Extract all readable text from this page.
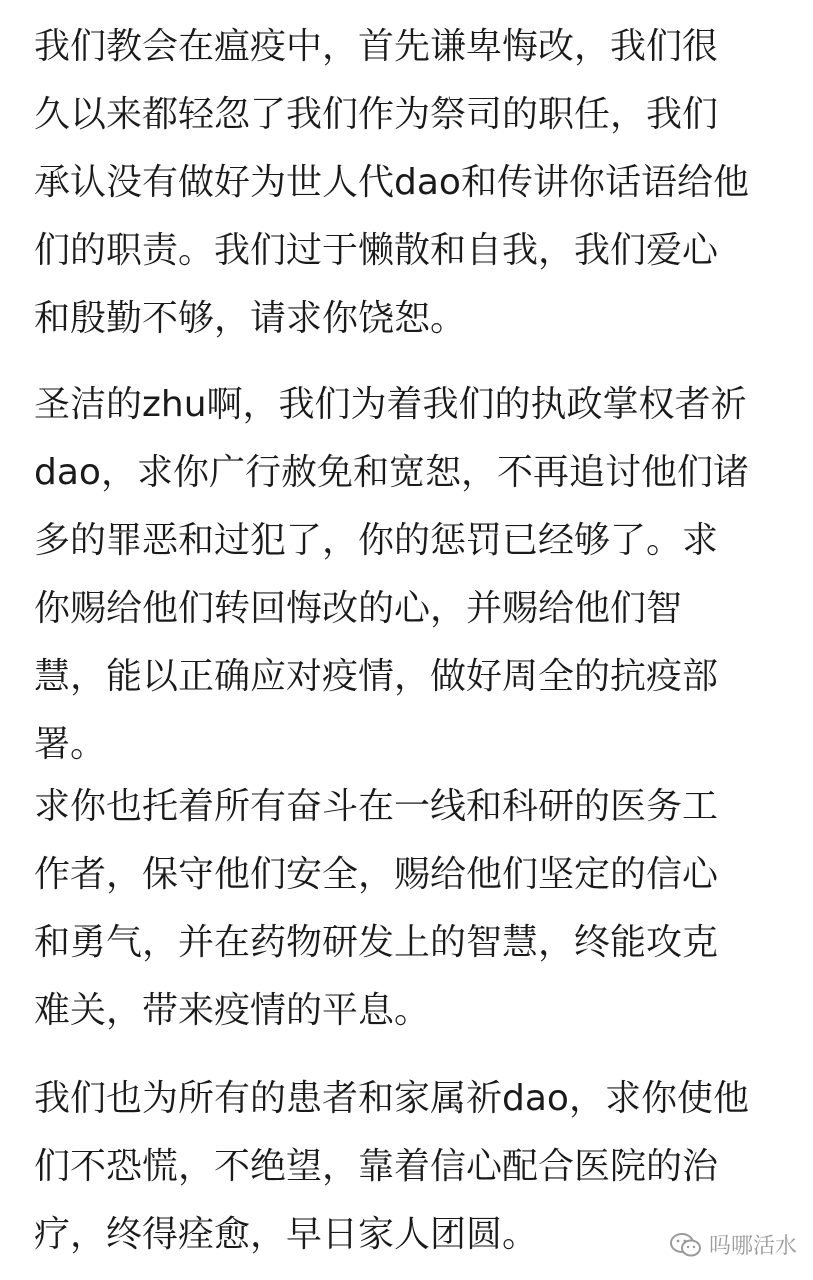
我们教会在瘟疫中，首先谦卑悔改，我们很
久以来都轻忽了我们作为祭司的职任，我们
承认没有做好为世人代dao和传讲你话语给他
们的职责。我们过于懒散和自我，我们爱心
和殷勤不够，请求你饶恕。

圣洁的zhu啊，我们为着我们的执政掌权者祈
dao，求你广行赦免和宽恕，不再追讨他们诸
多的罪恶和过犯了，你的惩罚已经够了。求
你赐给他们转回悔改的心，并赐给他们智
慧，能以正确应对疫情，做好周全的抗疫部
署。

求你也托着所有奋斗在一线和科研的医务工
作者，保守他们安全，赐给他们坚定的信心
和勇气，并在药物研发上的智慧，终能攻克
难关，带来疫情的平息。

我们也为所有的患者和家属祈dao，求你使他
们不恐慌，不绝望，靠着信心配合医院的治
疗，终得痊愈，早日家人团圆。	吗哪活水
